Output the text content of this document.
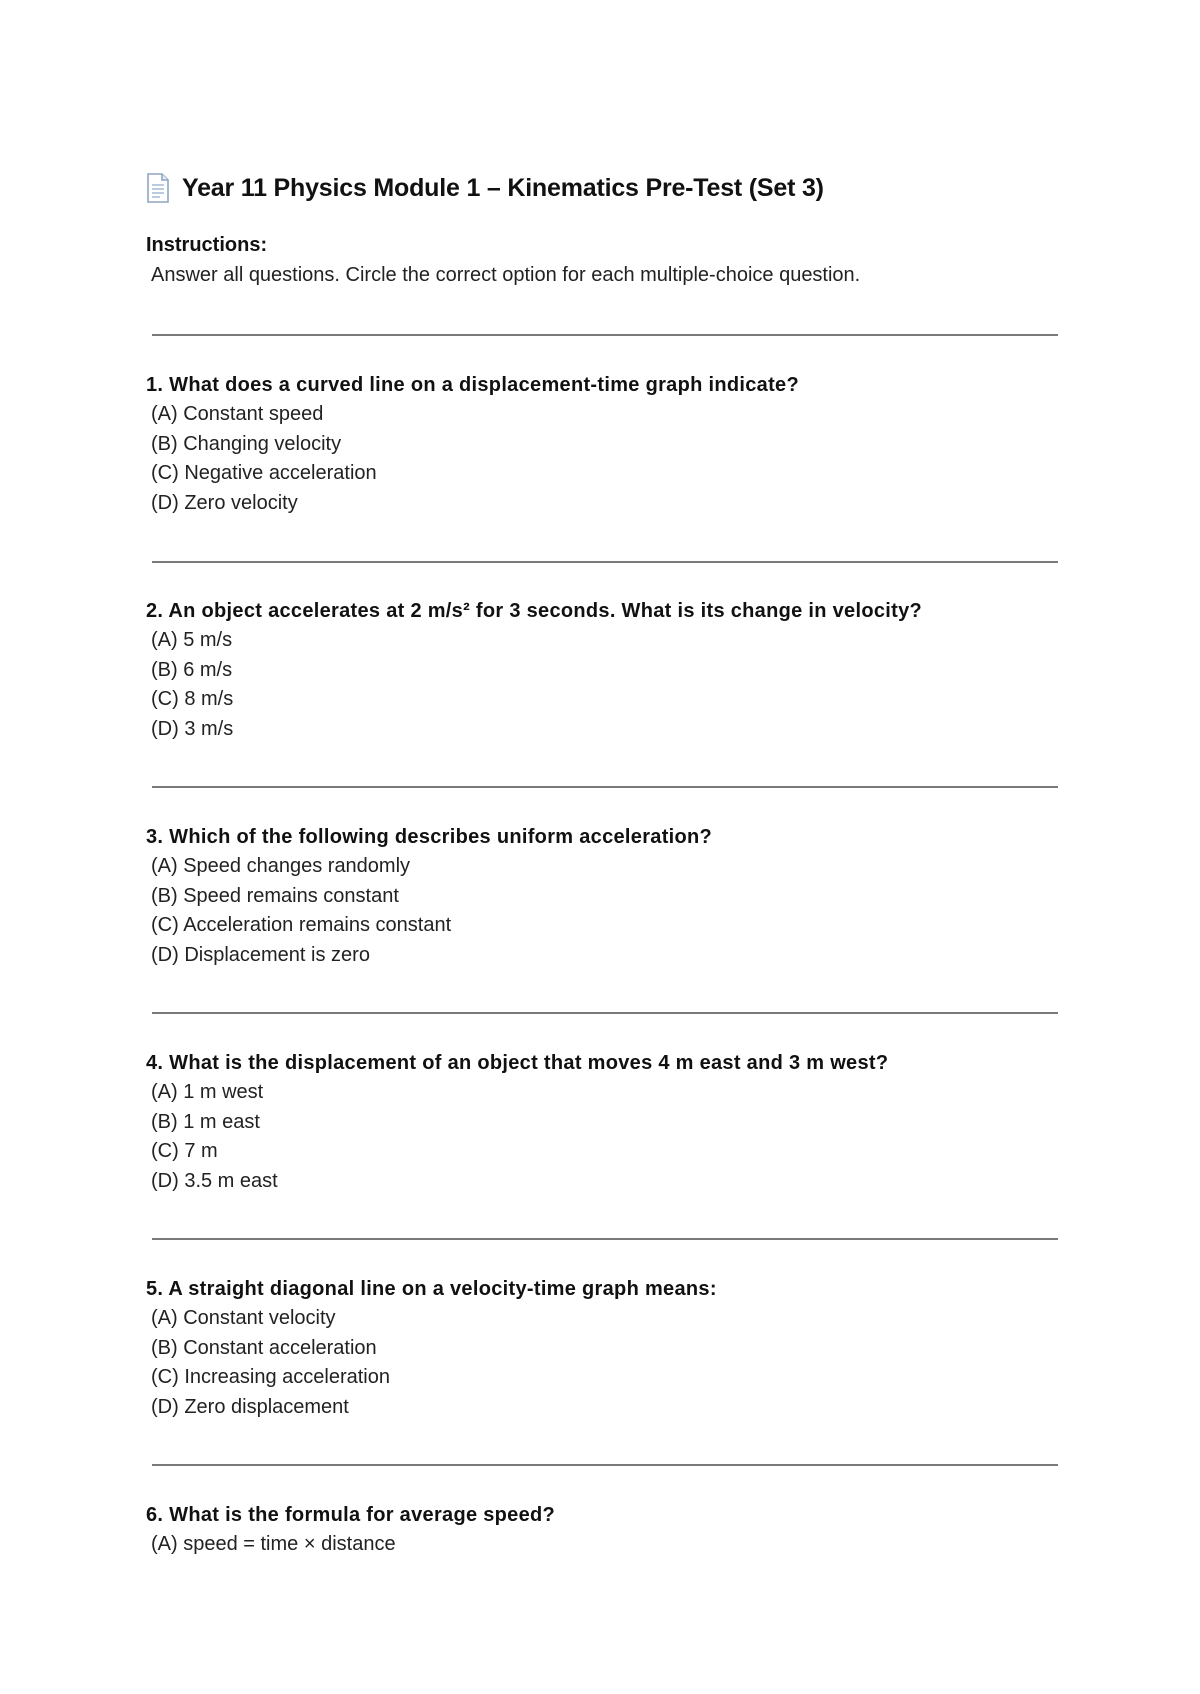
Year 11 Physics Module 1 – Kinematics Pre-Test (Set 3)
Instructions:
Answer all questions. Circle the correct option for each multiple-choice question.
1. What does a curved line on a displacement-time graph indicate?
(A) Constant speed
(B) Changing velocity
(C) Negative acceleration
(D) Zero velocity
2. An object accelerates at 2 m/s² for 3 seconds. What is its change in velocity?
(A) 5 m/s
(B) 6 m/s
(C) 8 m/s
(D) 3 m/s
3. Which of the following describes uniform acceleration?
(A) Speed changes randomly
(B) Speed remains constant
(C) Acceleration remains constant
(D) Displacement is zero
4. What is the displacement of an object that moves 4 m east and 3 m west?
(A) 1 m west
(B) 1 m east
(C) 7 m
(D) 3.5 m east
5. A straight diagonal line on a velocity-time graph means:
(A) Constant velocity
(B) Constant acceleration
(C) Increasing acceleration
(D) Zero displacement
6. What is the formula for average speed?
(A) speed = time × distance
